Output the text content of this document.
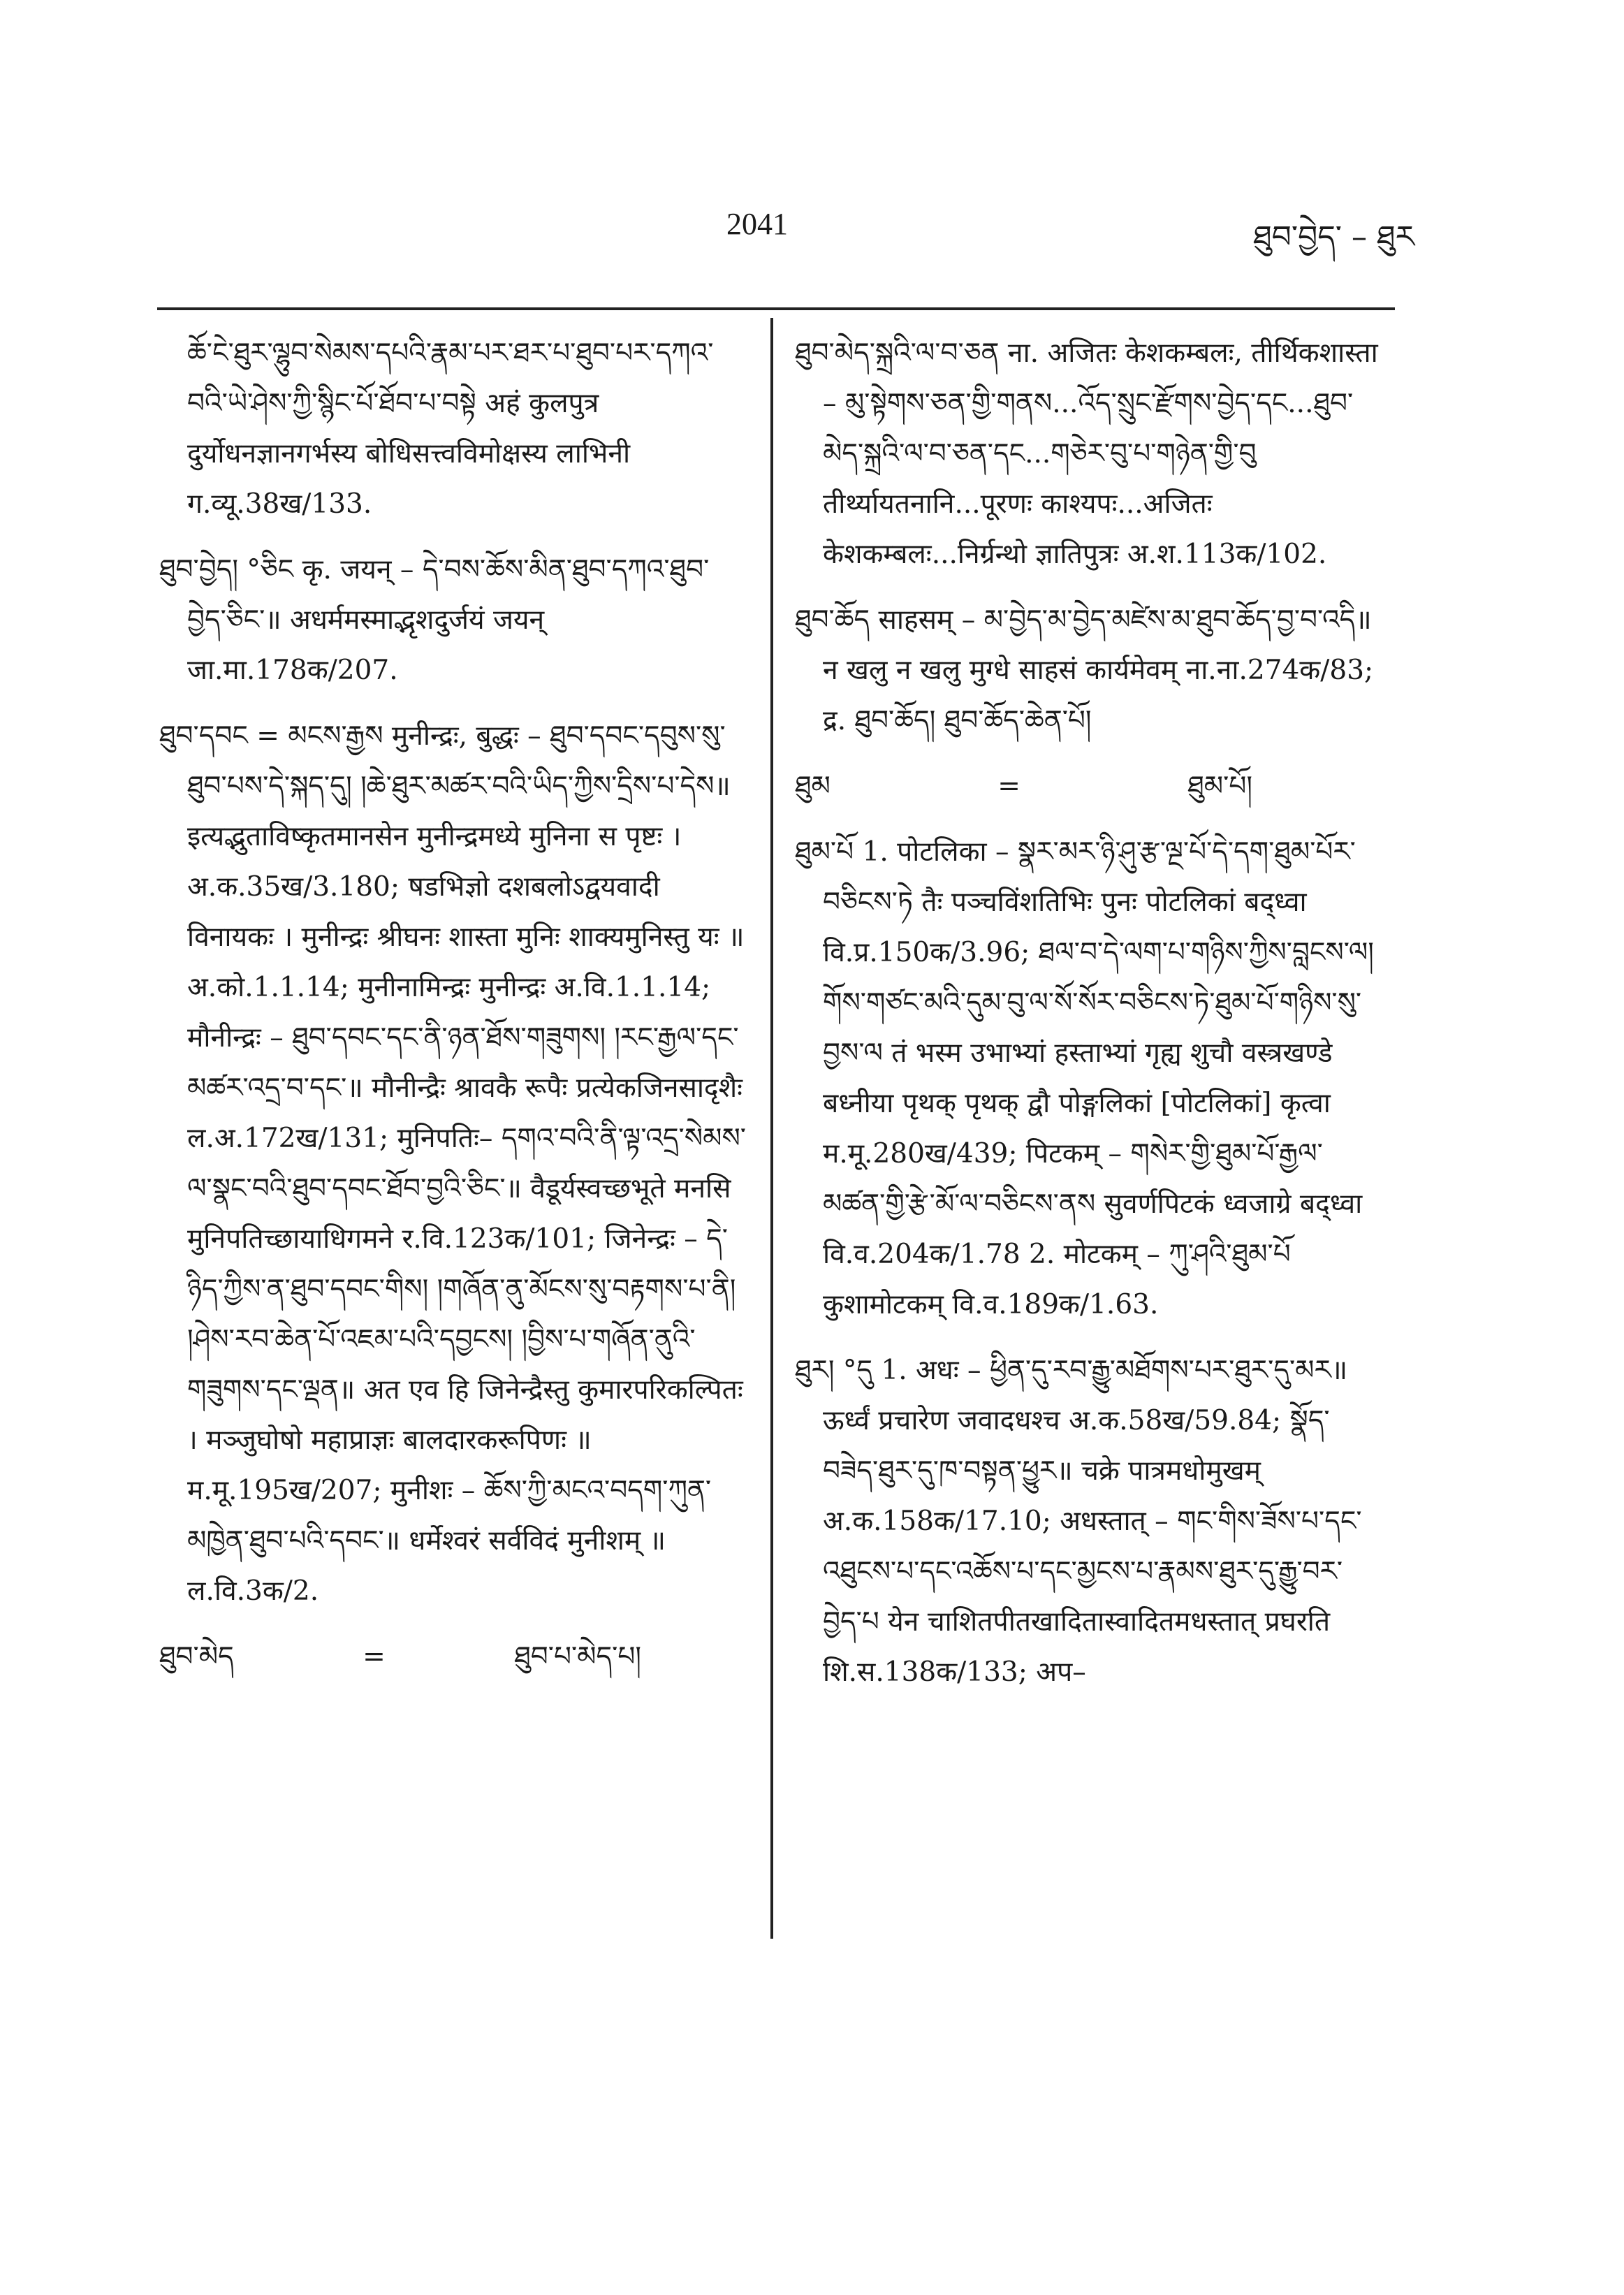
2041	ཐུབ་བྱེད་ – ཐུར
ཆོ་ངེ་ཐུར་ལྷུབ་སེམས་དཔའི་རྣམ་པར་ཐར་པ་ཐུབ་པར་དཀའ་བའི་ཡེ་ཤེས་ཀྱི་སྙིང་པོ་ཐོབ་པ་བསྟེ अहं कुलपुत्र दुर्योधनज्ञानगर्भस्य बोधिसत्त्वविमोक्षस्य लाभिनी ग.व्यू.38ख/133.
ཐུབ་བྱེད། °ཅིང कृ. जयन् – དེ་བས་ཆོས་མིན་ཐུབ་དཀའ་ཐུབ་བྱེད་ཅིང་॥ अधर्ममस्माद्भृशदुर्जयं जयन् जा.मा.178क/207.
ཐུབ་དབང = མངས་རྒྱས मुनीन्द्रः, बुद्धः – ཐུབ་དབང་དབུས་སུ་ཐུབ་པས་དེ་སྐད་དུ། །ཆེ་ཐུར་མཚར་བའི་ཡིད་ཀྱིས་དྲིས་པ་དེས॥ इत्यद्भुताविष्कृतमानसेन मुनीन्द्रमध्ये मुनिना स पृष्टः । अ.क.35ख/3.180; षडभिज्ञो दशबलोऽद्वयवादी विनायकः । मुनीन्द्रः श्रीघनः शास्ता मुनिः शाक्यमुनिस्तु यः ॥ अ.को.1.1.14; मुनीनामिन्द्रः मुनीन्द्रः अ.वि.1.1.14; मौनीन्द्रः – ཐུབ་དབང་དང་ནི་ཉན་ཐོས་གཟུགས། །རང་རྒྱལ་དང་མཚར་འདྲ་བ་དང་॥ मौनीन्द्रैः श्रावकै रूपैः प्रत्येकजिनसादृशैः ल.अ.172ख/131; मुनिपतिः– དགའ་བའི་ནི་ལྟ་འདྲ་སེམས་ལ་སྣང་བའི་ཐུབ་དབང་ཐོབ་བྱའི་ཅིང་॥ वैडूर्यस्वच्छभूते मनसि मुनिपतिच्छायाधिगमने र.वि.123क/101; जिनेन्द्रः – དེ་ཉིད་ཀྱིས་ན་ཐུབ་དབང་གིས། །གཞོན་ནུ་མོངས་སུ་བརྟགས་པ་ནི། །ཤེས་རབ་ཆེན་པོ་འཇམ་པའི་དབྱངས། །བྱིས་པ་གཞོན་ནུའི་གཟུགས་དང་ལྡན॥ अत एव हि जिनेन्द्रैस्तु कुमारपरिकल्पितः । मञ्जुघोषो महाप्राज्ञः बालदारकरूपिणः ॥ म.मू.195ख/207; मुनीशः – ཆོས་ཀྱི་མངའ་བདག་ཀུན་མཁྱེན་ཐུབ་པའི་དབང་॥ धर्मेश्वरं सर्वविदं मुनीशम् ॥ ल.वि.3क/2.
ཐུབ་མེད	=	ཐུབ་པ་མེད་པ།
ཐུབ་མེད་སྐྲའི་ལ་བ་ཅན ना. अजितः केशकम्बलः, तीर्थिकशास्ता – མུ་སྟེགས་ཅན་གྱི་གནས...འོད་སྲུང་རྫོགས་བྱེད་དང...ཐུབ་མེད་སྐྲའི་ལ་བ་ཅན་དང...གཅེར་བུ་པ་གཉེན་གྱི་བུ तीर्थ्यायतनानि...पूरणः काश्यपः...अजितः केशकम्बलः...निर्ग्रन्थो ज्ञातिपुत्रः अ.श.113क/102.
ཐུབ་ཆོད साहसम् – མ་བྱེད་མ་བྱེད་མཛེས་མ་ཐུབ་ཆོད་བྱ་བ་འདི॥ न खलु न खलु मुग्धे साहसं कार्यमेवम् ना.ना.274क/83; द्र. ཐུབ་ཆོད། ཐུབ་ཆོད་ཆེན་པོ།
ཐུམ	=	ཐུམ་པོ།
ཐུམ་པོ 1. पोटलिका – སྣར་མར་ཉི་ཤུ་རྩ་ལྔ་པོ་དེ་དག་ཐུམ་པོར་བཅིངས་ཏེ तैः पञ्चविंशतिभिः पुनः पोटलिकां बद्ध्वा वि.प्र.150क/3.96; ཐལ་བ་དེ་ལག་པ་གཉིས་ཀྱིས་བླངས་ལ། གོས་གཙང་མའི་དུམ་བུ་ལ་སོ་སོར་བཅིངས་ཏེ་ཐུམ་པོ་གཉིས་སུ་བྱས་ལ तं भस्म उभाभ्यां हस्ताभ्यां गृह्य शुचौ वस्त्रखण्डे बध्नीया पृथक् पृथक् द्वौ पोङ्गलिकां [पोटलिकां] कृत्वा म.मू.280ख/439; पिटकम् – གསེར་གྱི་ཐུམ་པོ་རྒྱལ་མཚན་གྱི་རྩེ་མོ་ལ་བཅིངས་ནས सुवर्णपिटकं ध्वजाग्रे बद्ध्वा वि.व.204क/1.78 2. मोटकम् – ཀུ་ཤའི་ཐུམ་པོ कुशामोटकम् वि.व.189क/1.63.
ཐུར། °དུ 1. अधः – ཕྱིན་དུ་རབ་རྒྱུ་མཐོགས་པར་ཐུར་དུ་མར॥ ऊर्ध्वं प्रचारेण जवादधश्च अ.क.58ख/59.84; སྣོད་བཟེད་ཐུར་དུ་ཁ་བསྟན་ཕྱུར॥ चक्रे पात्रमधोमुखम् अ.क.158क/17.10; अधस्तात् – གང་གིས་ཟོས་པ་དང་འཐུངས་པ་དང་འཆོས་པ་དང་མྱངས་པ་རྣམས་ཐུར་དུ་རྒྱུ་བར་བྱེད་པ येन चाशितपीतखादितास्वादितमधस्तात् प्रघरति शि.स.138क/133; अप–
